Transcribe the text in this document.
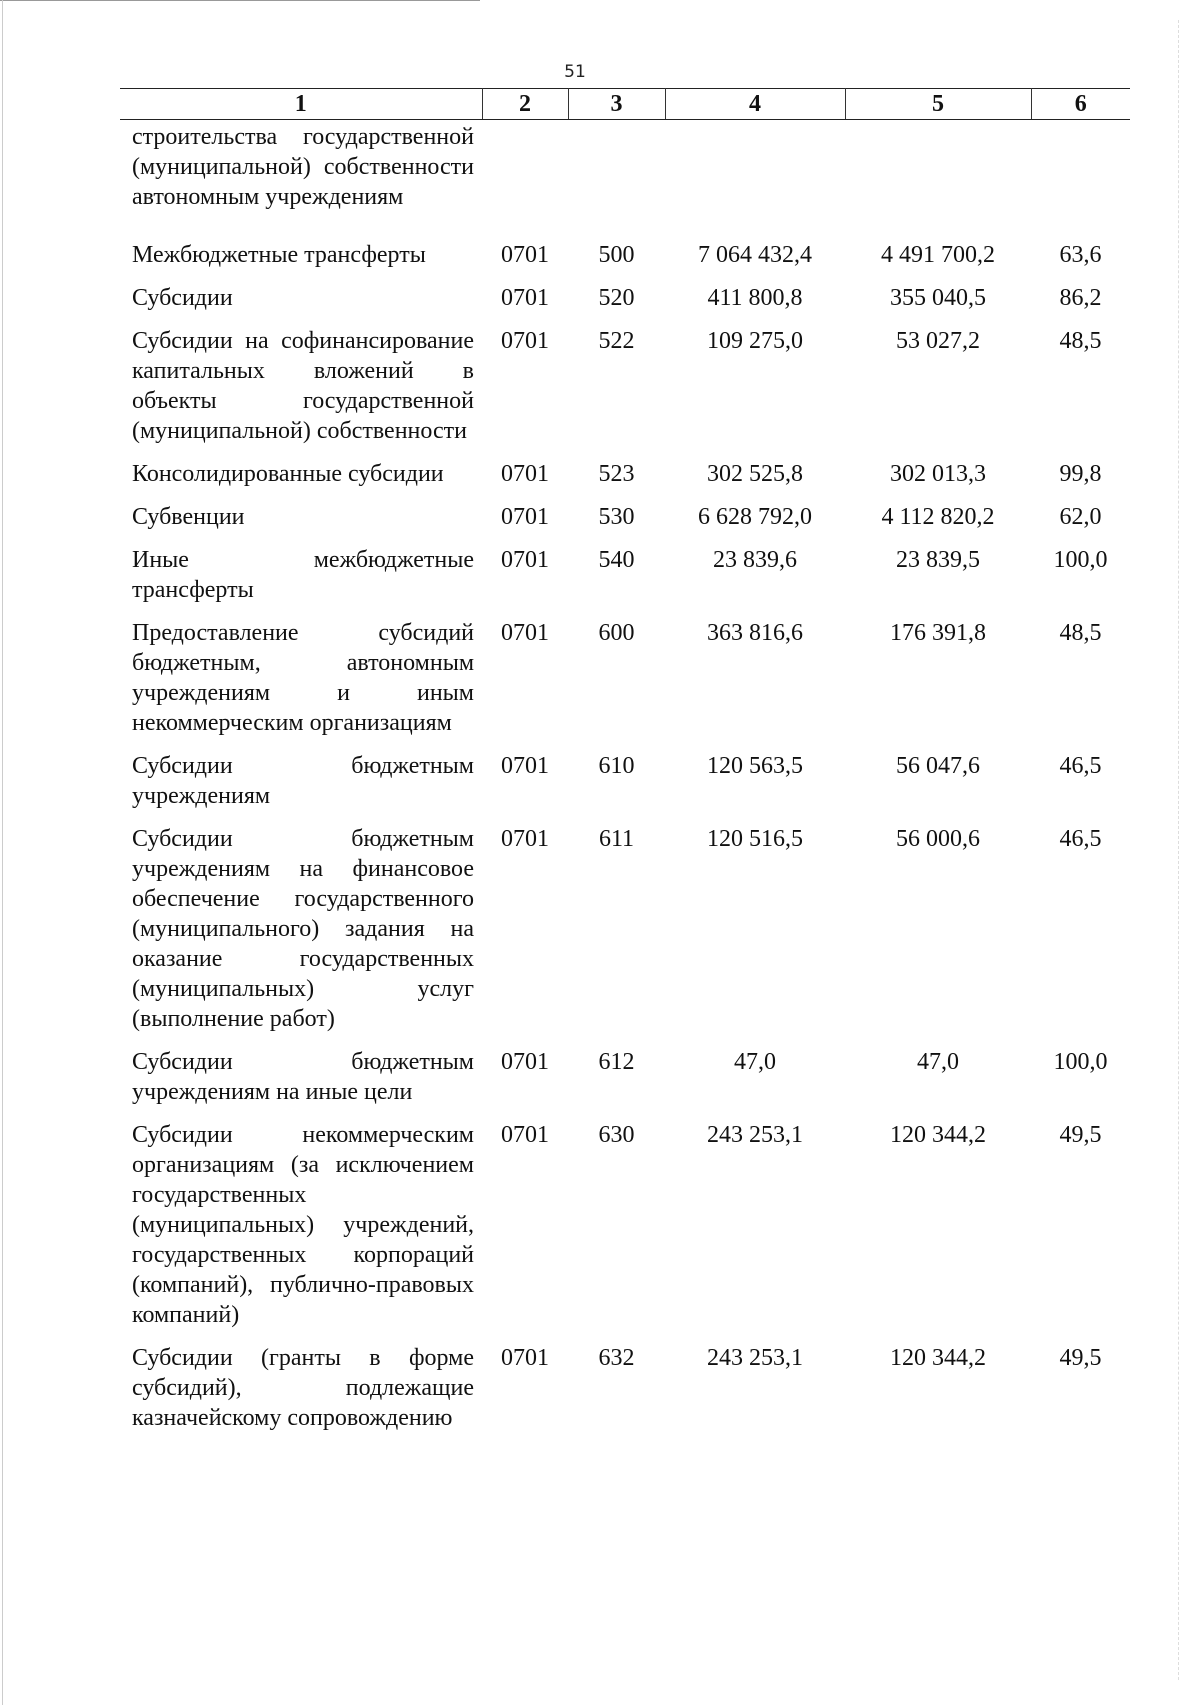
51
1	2	3	4	5	6
строительства государственной (муниципальной) собственности автономным учреждениям					
Межбюджетные трансферты	0701	500	7 064 432,4	4 491 700,2	63,6
Субсидии	0701	520	411 800,8	355 040,5	86,2
Субсидии на софинансирование капитальных вложений в объекты государственной (муниципальной) собственности	0701	522	109 275,0	53 027,2	48,5
Консолидированные субсидии	0701	523	302 525,8	302 013,3	99,8
Субвенции	0701	530	6 628 792,0	4 112 820,2	62,0
Иные межбюджетные трансферты	0701	540	23 839,6	23 839,5	100,0
Предоставление субсидий бюджетным, автономным учреждениям и иным некоммерческим организациям	0701	600	363 816,6	176 391,8	48,5
Субсидии бюджетным учреждениям	0701	610	120 563,5	56 047,6	46,5
Субсидии бюджетным учреждениям на финансовое обеспечение государственного (муниципального) задания на оказание государственных (муниципальных) услуг (выполнение работ)	0701	611	120 516,5	56 000,6	46,5
Субсидии бюджетным учреждениям на иные цели	0701	612	47,0	47,0	100,0
Субсидии некоммерческим организациям (за исключением государственных (муниципальных) учреждений, государственных корпораций (компаний), публично-правовых компаний)	0701	630	243 253,1	120 344,2	49,5
Субсидии (гранты в форме субсидий), подлежащие казначейскому сопровождению	0701	632	243 253,1	120 344,2	49,5
